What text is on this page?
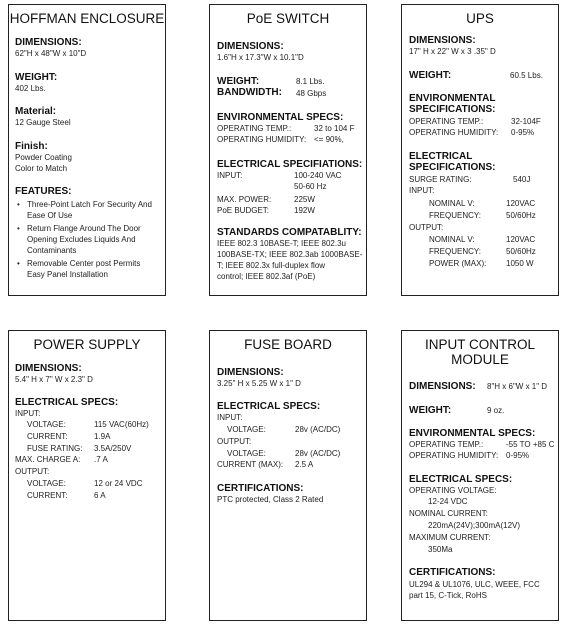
HOFFMAN ENCLOSURE
DIMENSIONS:
62"H x 48"W x 10"D
WEIGHT:
402 Lbs.
Material:
12 Gauge Steel
Finish:
Powder Coating
Color to Match
FEATURES:
• Three-Point Latch For Security And
Ease Of Use
• Return Flange Around The Door
Opening Excludes Liquids And
Contaminants
• Removable Center post Permits
Easy Panel Installation
PoE SWITCH
DIMENSIONS:
1.6"H x 17.3"W x 10.1"D
WEIGHT:	8.1 Lbs.
BANDWIDTH: 48 Gbps
ENVIRONMENTAL SPECS:
OPERATING TEMP.:	32 to 104 F
OPERATING HUMIDITY: <= 90%,
ELECTRICAL SPECIFIATIONS:
INPUT:	100-240 VAC
50-60 Hz
MAX. POWER:	225W
PoE BUDGET:	192W
STANDARDS COMPATABLITY:
IEEE 802.3 10BASE-T; IEEE 802.3u
100BASE-TX; IEEE 802.3ab 1000BASE-
T; IEEE 802.3x full-duplex flow
control; IEEE 802.3af (PoE)
UPS
DIMENSIONS:
17" H x 22" W x 3 .35" D
WEIGHT:	60.5 Lbs.
ENVIRONMENTAL
SPECIFICATIONS:
OPERATING TEMP.:	32-104F
OPERATING HUMIDITY: 0-95%
ELECTRICAL
SPECIFICATIONS:
SURGE RATING:	540J
INPUT:
NOMINAL V:	120VAC
FREQUENCY:	50/60Hz
OUTPUT:
NOMINAL V:	120VAC
FREQUENCY:	50/60Hz
POWER (MAX): 1050 W
POWER SUPPLY
DIMENSIONS:
5.4" H x 7" W x 2.3" D
ELECTRICAL SPECS:
INPUT:
VOLTAGE:	115 VAC(60Hz)
CURRENT:	1.9A
FUSE RATING: 3.5A/250V
MAX. CHARGE A: .7 A
OUTPUT:
VOLTAGE:	12 or 24 VDC
CURRENT:	6 A
FUSE BOARD
DIMENSIONS:
3.25" H x 5.25 W x 1" D
ELECTRICAL SPECS:
INPUT:
VOLTAGE:	28v (AC/DC)
OUTPUT:
VOLTAGE:	28v (AC/DC)
CURRENT (MAX): 2.5 A
CERTIFICATIONS:
PTC protected, Class 2 Rated
INPUT CONTROL
MODULE
DIMENSIONS: 8"H x 6"W x 1" D
WEIGHT:	9 oz.
ENVIRONMENTAL SPECS:
OPERATING TEMP.:	-55 TO +85 C
OPERATING HUMIDITY: 0-95%
ELECTRICAL SPECS:
OPERATING VOLTAGE:
12-24 VDC
NOMINAL CURRENT:
220mA(24V);300mA(12V)
MAXIMUM CURRENT:
350Ma
CERTIFICATIONS:
UL294 & UL1076, ULC, WEEE, FCC
part 15, C-Tick, RoHS
